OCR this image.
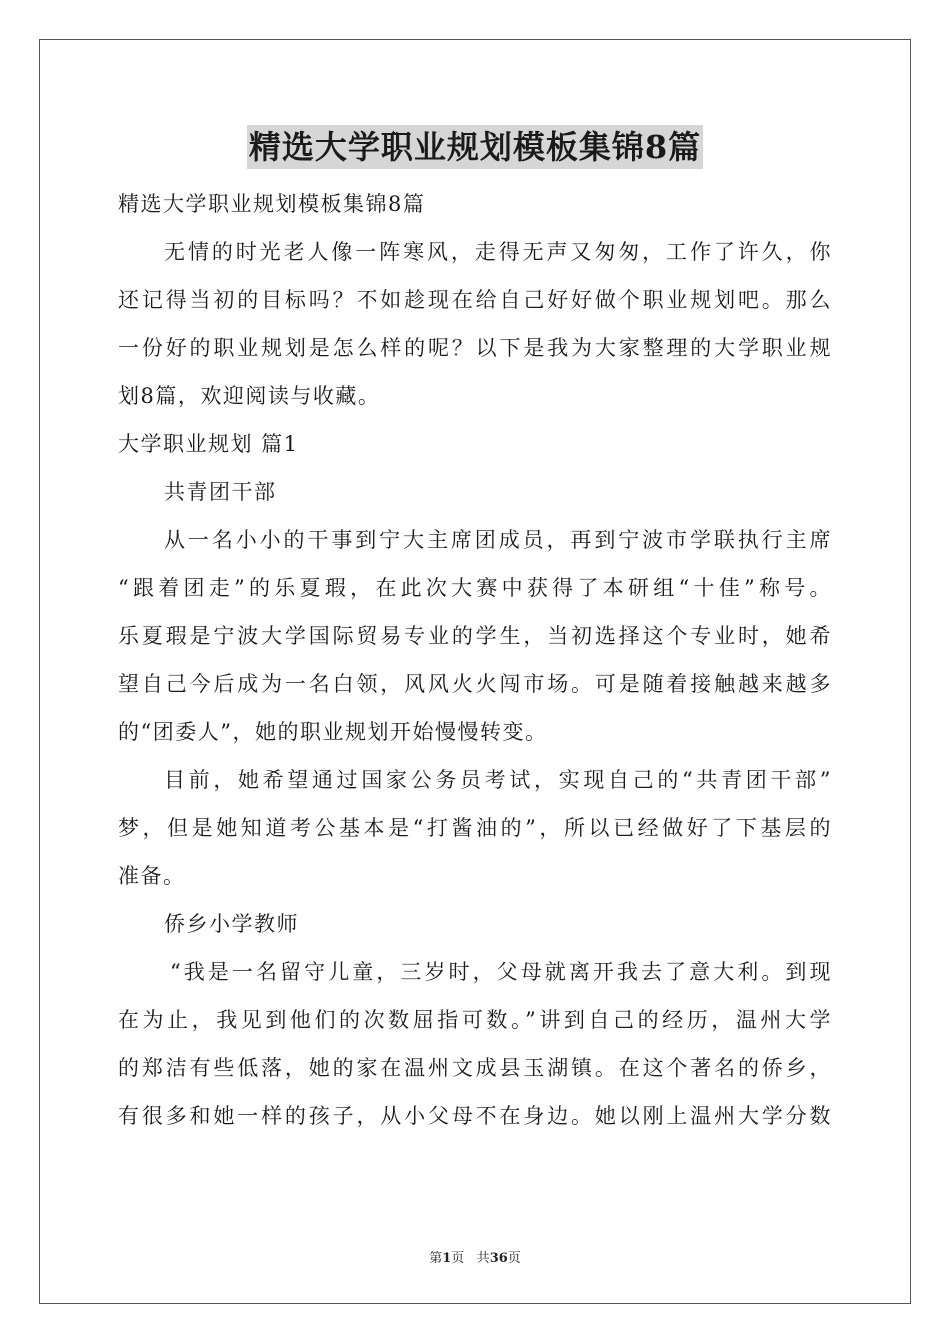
精选大学职业规划模板集锦8篇
精选大学职业规划模板集锦8篇
无情的时光老人像一阵寒风，走得无声又匆匆，工作了许久，你
还记得当初的目标吗？不如趁现在给自己好好做个职业规划吧。那么
一份好的职业规划是怎么样的呢？以下是我为大家整理的大学职业规
划8篇，欢迎阅读与收藏。
大学职业规划 篇1
共青团干部
从一名小小的干事到宁大主席团成员，再到宁波市学联执行主席
“跟着团走”的乐夏瑕，在此次大赛中获得了本研组“十佳”称号。
乐夏瑕是宁波大学国际贸易专业的学生，当初选择这个专业时，她希
望自己今后成为一名白领，风风火火闯市场。可是随着接触越来越多
的“团委人”，她的职业规划开始慢慢转变。
目前，她希望通过国家公务员考试，实现自己的“共青团干部”
梦，但是她知道考公基本是“打酱油的”，所以已经做好了下基层的
准备。
侨乡小学教师
“我是一名留守儿童，三岁时，父母就离开我去了意大利。到现
在为止，我见到他们的次数屈指可数。”讲到自己的经历，温州大学
的郑洁有些低落，她的家在温州文成县玉湖镇。在这个著名的侨乡，
有很多和她一样的孩子，从小父母不在身边。她以刚上温州大学分数
第1页 共36页
